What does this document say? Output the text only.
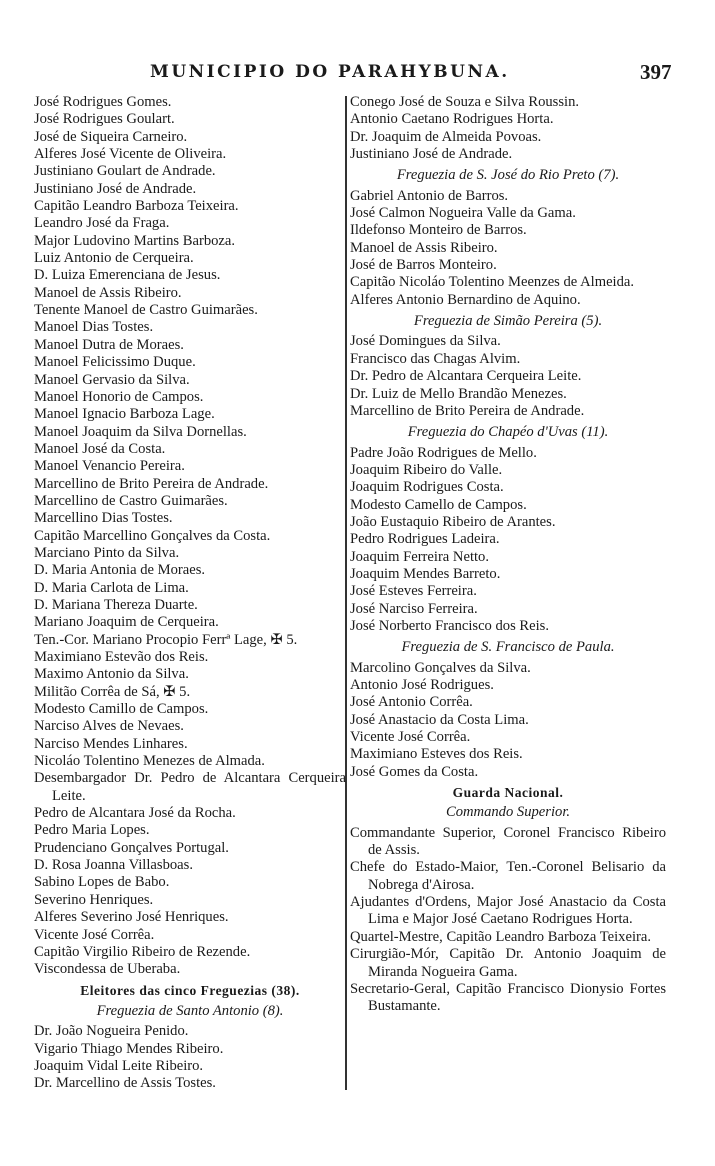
MUNICIPIO DO PARAHYBUNA.	397
José Rodrigues Gomes.
José Rodrigues Goulart.
José de Siqueira Carneiro.
Alferes José Vicente de Oliveira.
Justiniano Goulart de Andrade.
Justiniano José de Andrade.
Capitão Leandro Barboza Teixeira.
Leandro José da Fraga.
Major Ludovino Martins Barboza.
Luiz Antonio de Cerqueira.
D. Luiza Emerenciana de Jesus.
Manoel de Assis Ribeiro.
Tenente Manoel de Castro Guimarães.
Manoel Dias Tostes.
Manoel Dutra de Moraes.
Manoel Felicissimo Duque.
Manoel Gervasio da Silva.
Manoel Honorio de Campos.
Manoel Ignacio Barboza Lage.
Manoel Joaquim da Silva Dornellas.
Manoel José da Costa.
Manoel Venancio Pereira.
Marcellino de Brito Pereira de Andrade.
Marcellino de Castro Guimarães.
Marcellino Dias Tostes.
Capitão Marcellino Gonçalves da Costa.
Marciano Pinto da Silva.
D. Maria Antonia de Moraes.
D. Maria Carlota de Lima.
D. Mariana Thereza Duarte.
Mariano Joaquim de Cerqueira.
Ten.-Cor. Mariano Procopio Ferrª Lage, ✠ 5.
Maximiano Estevão dos Reis.
Maximo Antonio da Silva.
Militão Corrêa de Sá, ✠ 5.
Modesto Camillo de Campos.
Narciso Alves de Nevaes.
Narciso Mendes Linhares.
Nicoláo Tolentino Menezes de Almada.
Desembargador Dr. Pedro de Alcantara Cerqueira Leite.
Pedro de Alcantara José da Rocha.
Pedro Maria Lopes.
Prudenciano Gonçalves Portugal.
D. Rosa Joanna Villasboas.
Sabino Lopes de Babo.
Severino Henriques.
Alferes Severino José Henriques.
Vicente José Corrêa.
Capitão Virgilio Ribeiro de Rezende.
Viscondessa de Uberaba.
Eleitores das cinco Freguezias (38).
Freguezia de Santo Antonio (8).
Dr. João Nogueira Penido.
Vigario Thiago Mendes Ribeiro.
Joaquim Vidal Leite Ribeiro.
Dr. Marcellino de Assis Tostes.
Conego José de Souza e Silva Roussin.
Antonio Caetano Rodrigues Horta.
Dr. Joaquim de Almeida Povoas.
Justiniano José de Andrade.
Freguezia de S. José do Rio Preto (7).
Gabriel Antonio de Barros.
José Calmon Nogueira Valle da Gama.
Ildefonso Monteiro de Barros.
Manoel de Assis Ribeiro.
José de Barros Monteiro.
Capitão Nicoláo Tolentino Meenzes de Almeida.
Alferes Antonio Bernardino de Aquino.
Freguezia de Simão Pereira (5).
José Domingues da Silva.
Francisco das Chagas Alvim.
Dr. Pedro de Alcantara Cerqueira Leite.
Dr. Luiz de Mello Brandão Menezes.
Marcellino de Brito Pereira de Andrade.
Freguezia do Chapéo d'Uvas (11).
Padre João Rodrigues de Mello.
Joaquim Ribeiro do Valle.
Joaquim Rodrigues Costa.
Modesto Camello de Campos.
João Eustaquio Ribeiro de Arantes.
Pedro Rodrigues Ladeira.
Joaquim Ferreira Netto.
Joaquim Mendes Barreto.
José Esteves Ferreira.
José Narciso Ferreira.
José Norberto Francisco dos Reis.
Freguezia de S. Francisco de Paula.
Marcolino Gonçalves da Silva.
Antonio José Rodrigues.
José Antonio Corrêa.
José Anastacio da Costa Lima.
Vicente José Corrêa.
Maximiano Esteves dos Reis.
José Gomes da Costa.
Guarda Nacional.
Commando Superior.
Commandante Superior, Coronel Francisco Ribeiro de Assis.
Chefe do Estado-Maior, Ten.-Coronel Belisario da Nobrega d'Airosa.
Ajudantes d'Ordens, Major José Anastacio da Costa Lima e Major José Caetano Rodrigues Horta.
Quartel-Mestre, Capitão Leandro Barboza Teixeira.
Cirurgião-Mór, Capitão Dr. Antonio Joaquim de Miranda Nogueira Gama.
Secretario-Geral, Capitão Francisco Dionysio Fortes Bustamante.
